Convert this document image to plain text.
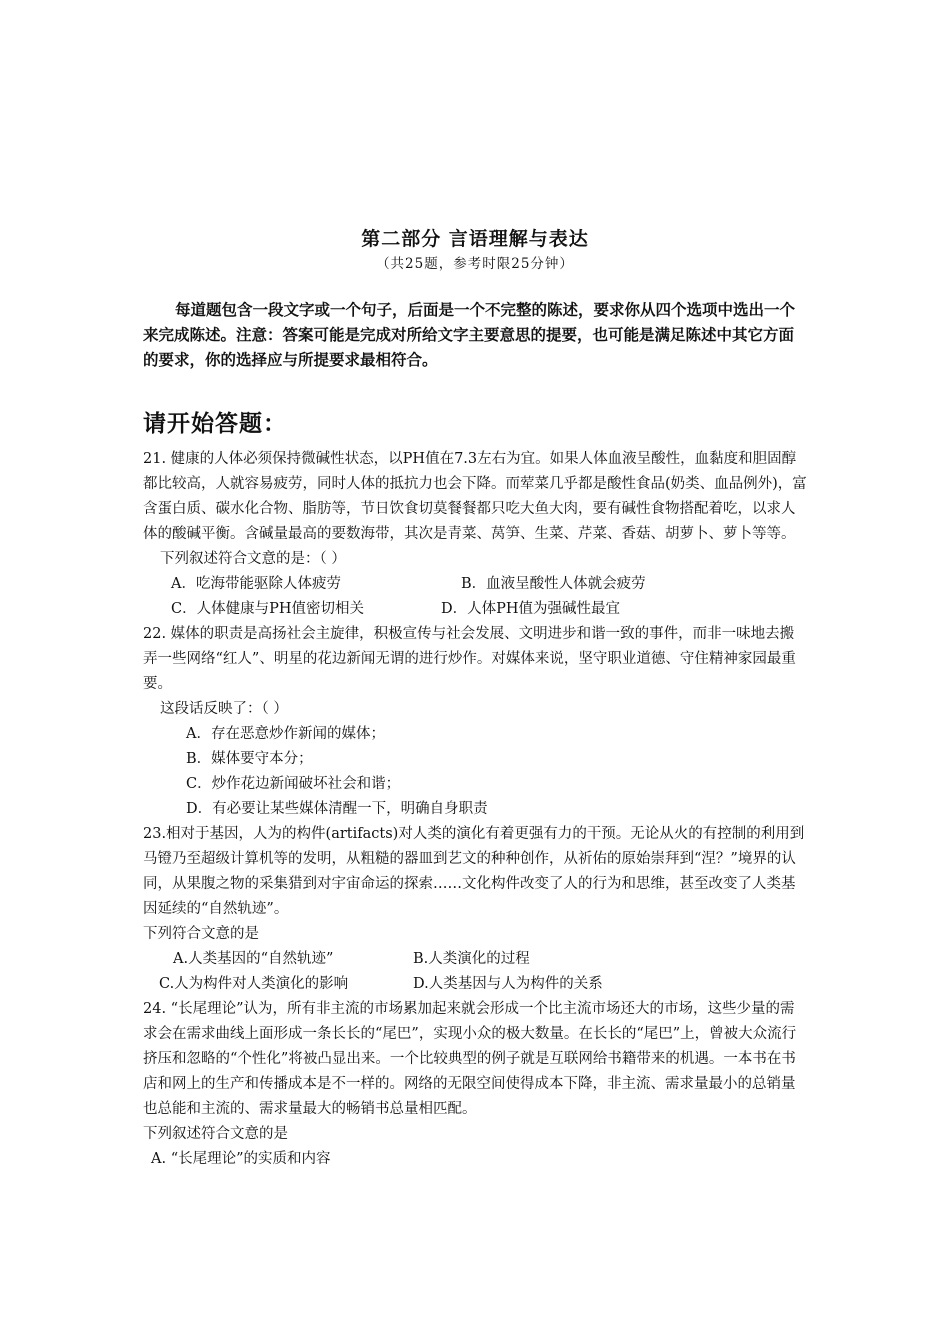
第二部分 言语理解与表达
（共25题，参考时限25分钟）
每道题包含一段文字或一个句子，后面是一个不完整的陈述，要求你从四个选项中选出一个来完成陈述。注意：答案可能是完成对所给文字主要意思的提要，也可能是满足陈述中其它方面的要求，你的选择应与所提要求最相符合。
请开始答题：

21. 健康的人体必须保持微碱性状态，以PH值在7.3左右为宜。如果人体血液呈酸性，血黏度和胆固醇都比较高，人就容易疲劳，同时人体的抵抗力也会下降。而荤菜几乎都是酸性食品(奶类、血品例外)，富含蛋白质、碳水化合物、脂肪等，节日饮食切莫餐餐都只吃大鱼大肉，要有碱性食物搭配着吃，以求人体的酸碱平衡。含碱量最高的要数海带，其次是青菜、莴笋、生菜、芹菜、香菇、胡萝卜、萝卜等等。

下列叙述符合文意的是：（ ）

A．吃海带能驱除人体疲劳	B．血液呈酸性人体就会疲劳
C．人体健康与PH值密切相关	D．人体PH值为强碱性最宜

22. 媒体的职责是高扬社会主旋律，积极宣传与社会发展、文明进步和谐一致的事件，而非一味地去搬弄一些网络“红人”、明星的花边新闻无谓的进行炒作。对媒体来说，坚守职业道德、守住精神家园最重要。

这段话反映了：（ ）

A．存在恶意炒作新闻的媒体；

B．媒体要守本分；

C．炒作花边新闻破坏社会和谐；

D．有必要让某些媒体清醒一下，明确自身职责

23.相对于基因，人为的构件(artifacts)对人类的演化有着更强有力的干预。无论从火的有控制的利用到马镫乃至超级计算机等的发明，从粗糙的器皿到艺文的种种创作，从祈佑的原始崇拜到“涅？”境界的认同，从果腹之物的采集猎到对宇宙命运的探索……文化构件改变了人的行为和思维，甚至改变了人类基因延续的“自然轨迹”。

下列符合文意的是

A.人类基因的“自然轨迹”	B.人类演化的过程
C.人为构件对人类演化的影响	D.人类基因与人为构件的关系

24. “长尾理论”认为，所有非主流的市场累加起来就会形成一个比主流市场还大的市场，这些少量的需求会在需求曲线上面形成一条长长的“尾巴”，实现小众的极大数量。在长长的“尾巴”上，曾被大众流行挤压和忽略的“个性化”将被凸显出来。一个比较典型的例子就是互联网给书籍带来的机遇。一本书在书店和网上的生产和传播成本是不一样的。网络的无限空间使得成本下降，非主流、需求量最小的总销量也总能和主流的、需求量最大的畅销书总量相匹配。

下列叙述符合文意的是

A. “长尾理论”的实质和内容
